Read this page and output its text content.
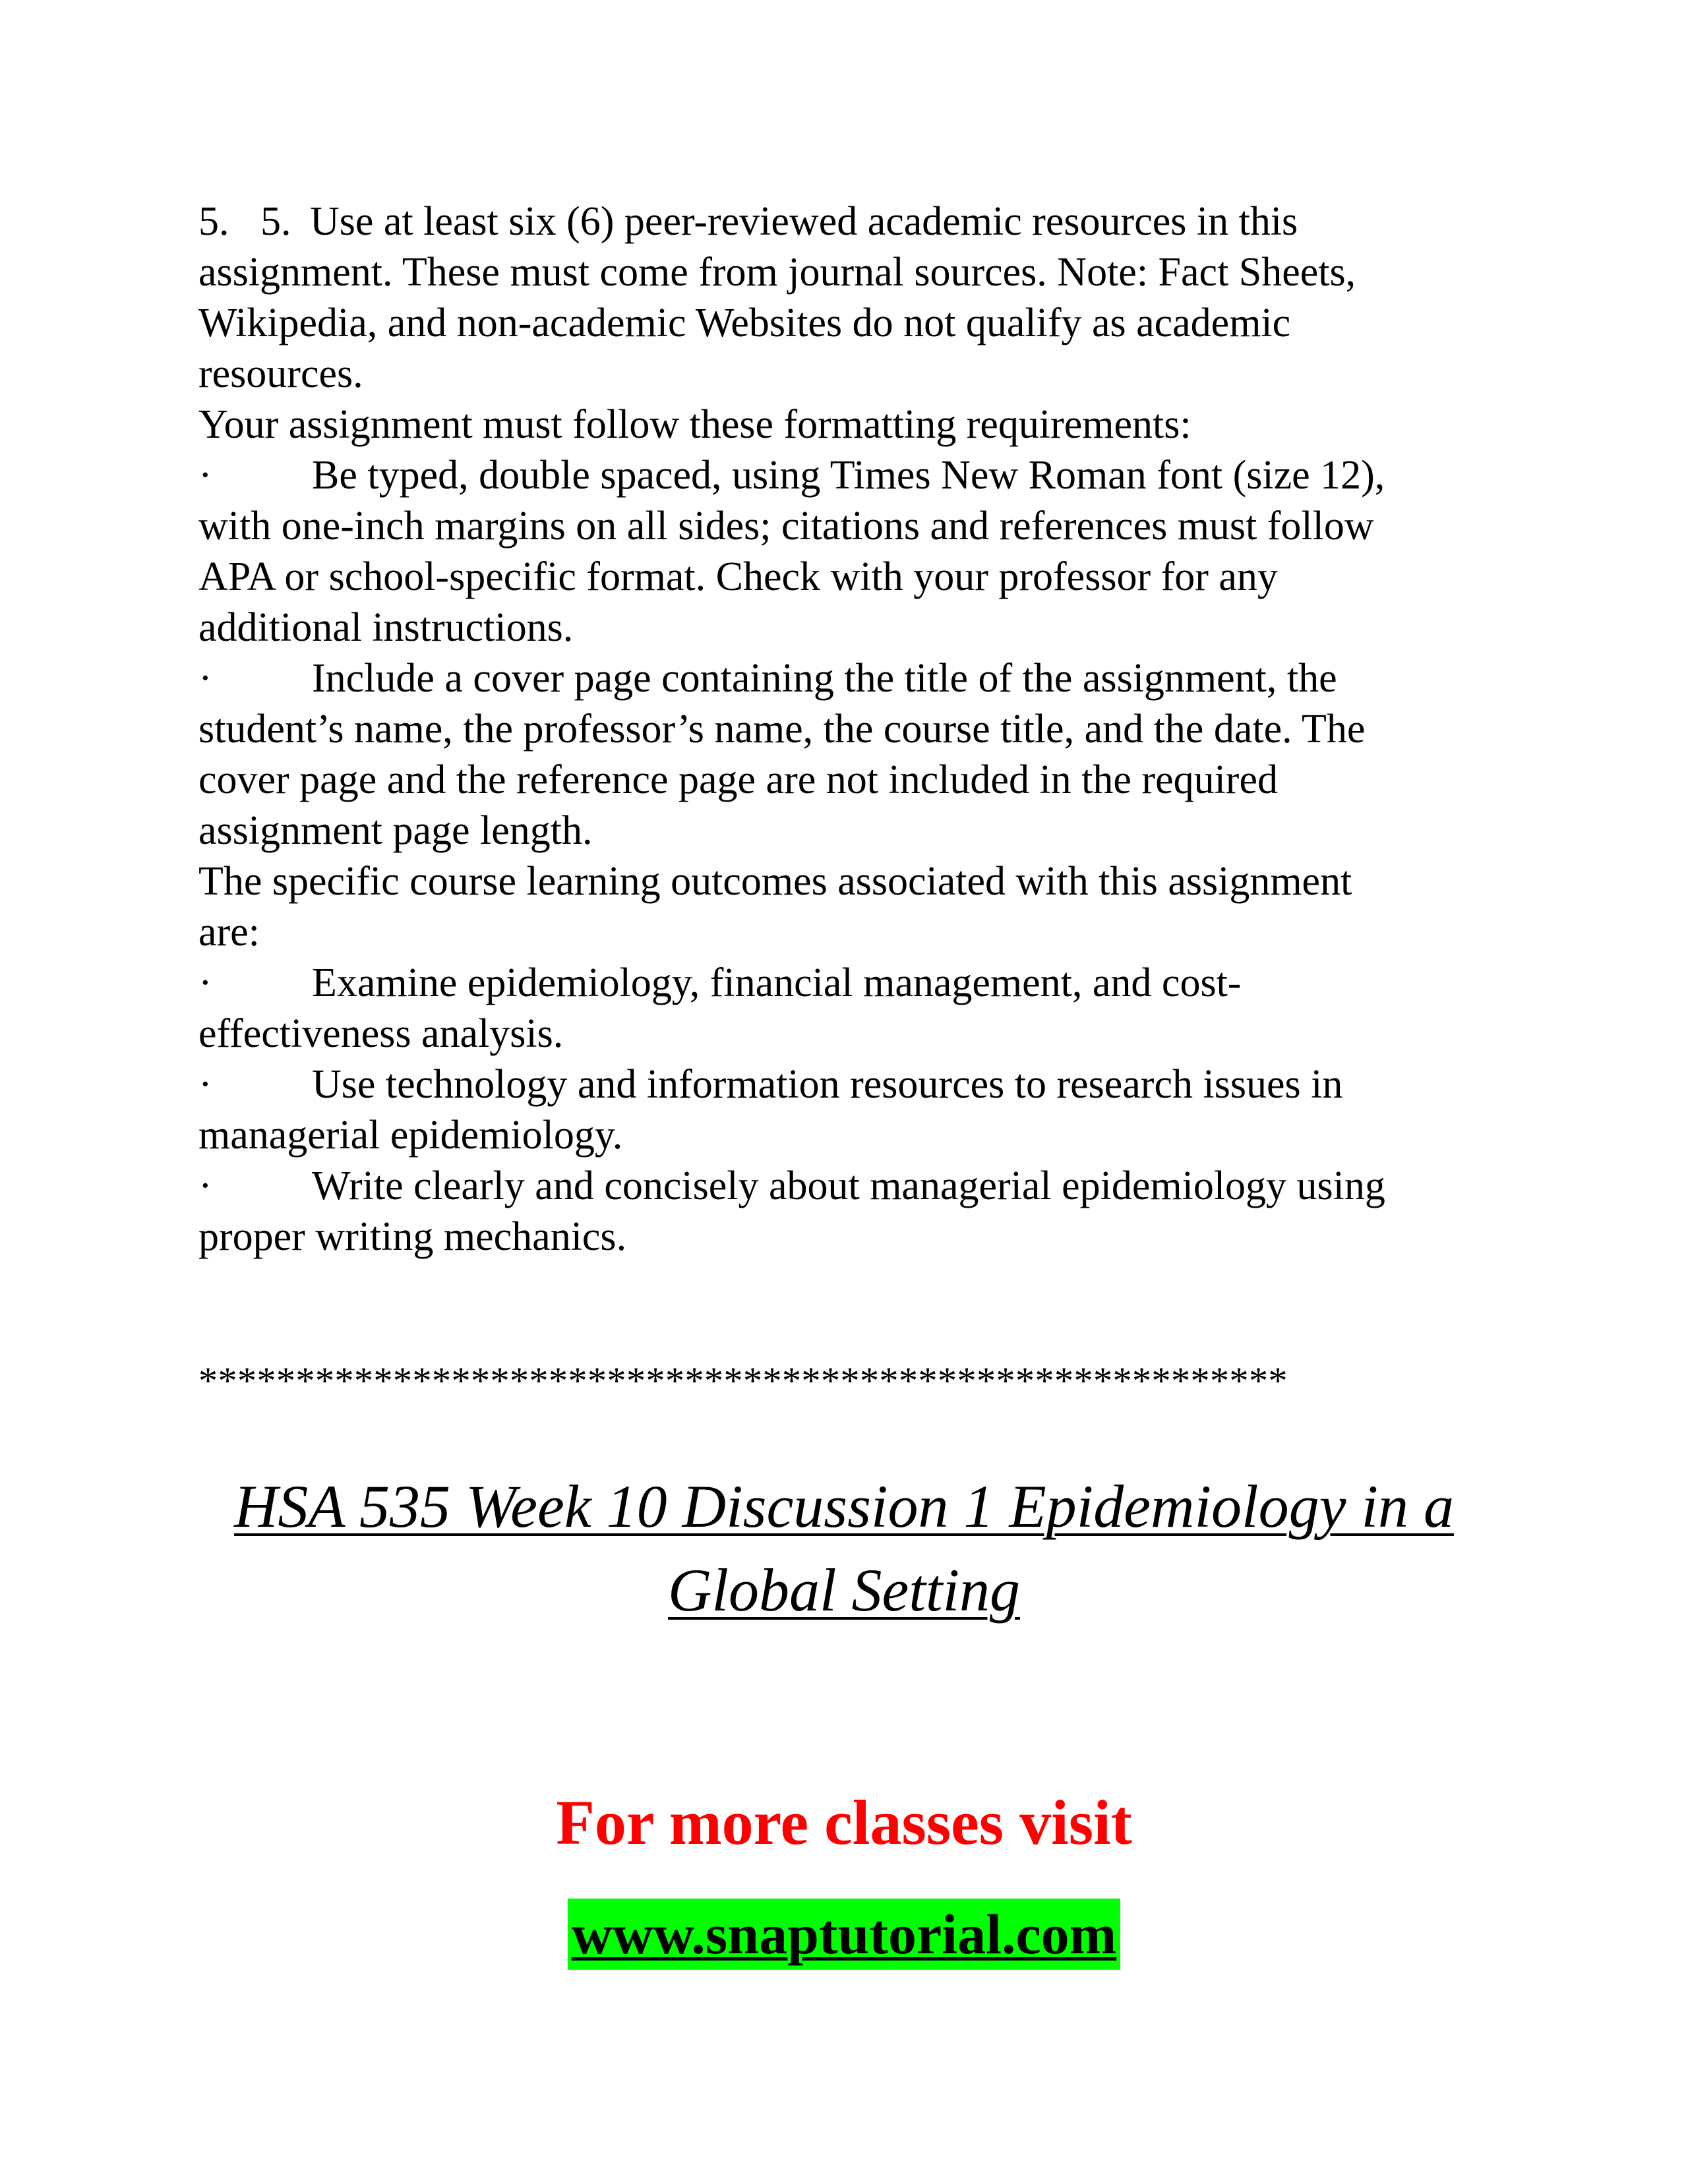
5. 5. Use at least six (6) peer-reviewed academic resources in this
assignment. These must come from journal sources. Note: Fact Sheets,
Wikipedia, and non-academic Websites do not qualify as academic
resources.
Your assignment must follow these formatting requirements:
· Be typed, double spaced, using Times New Roman font (size 12),
with one-inch margins on all sides; citations and references must follow
APA or school-specific format. Check with your professor for any
additional instructions.
· Include a cover page containing the title of the assignment, the
student’s name, the professor’s name, the course title, and the date. The
cover page and the reference page are not included in the required
assignment page length.
The specific course learning outcomes associated with this assignment
are:
· Examine epidemiology, financial management, and cost-
effectiveness analysis.
· Use technology and information resources to research issues in
managerial epidemiology.
· Write clearly and concisely about managerial epidemiology using
proper writing mechanics.
********************************************************
HSA 535 Week 10 Discussion 1 Epidemiology in a
Global Setting
For more classes visit
www.snaptutorial.com
